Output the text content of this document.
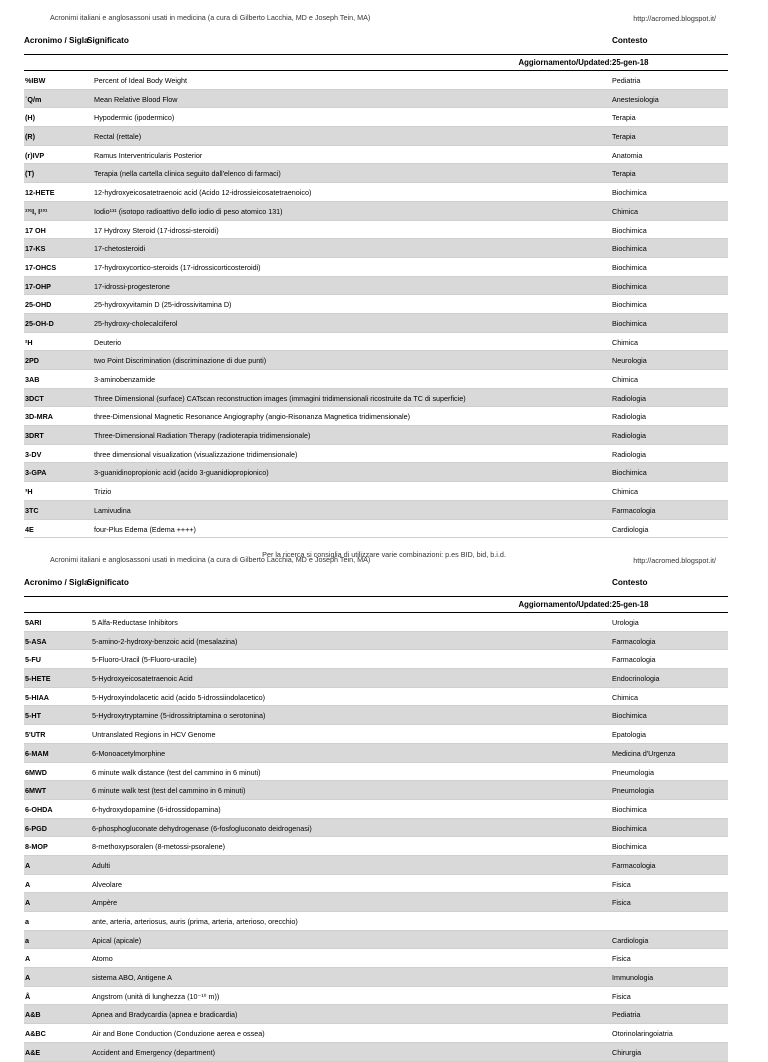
Acronimi italiani e anglosassoni usati in medicina (a cura di Gilberto Lacchia, MD e Joseph Tein, MA)	http://acromed.blogspot.it/
Acronimo / Sigla
Significato	Contesto
Aggiornamento/Updated: 25-gen-18
%IBW	Percent of Ideal Body Weight	Pediatria
˙Q/m	Mean Relative Blood Flow	Anestesiologia
(H)	Hypodermic (ipodermico)	Terapia
(R)	Rectal (rettale)	Terapia
(r)IVP	Ramus Interventricularis Posterior	Anatomia
(T)	Terapia (nella cartella clinica seguito dall'elenco di farmaci)	Terapia
12-HETE	12-hydroxyeicosatetraenoic acid (Acido 12-idrossieicosatetraenoico)	Biochimica
¹³¹I, I¹³¹	Iodio¹³¹ (isotopo radioattivo dello iodio di peso atomico 131)	Chimica
17 OH	17 Hydroxy Steroid (17-idrossi-steroidi)	Biochimica
17-KS	17-chetosteroidi	Biochimica
17-OHCS	17-hydroxycortico-steroids (17-idrossicorticosteroidi)	Biochimica
17-OHP	17-idrossi-progesterone	Biochimica
25-OHD	25-hydroxyvitamin D (25-idrossivitamina D)	Biochimica
25-OH-D	25-hydroxy-cholecalciferol	Biochimica
²H	Deuterio	Chimica
2PD	two Point Discrimination (discriminazione di due punti)	Neurologia
3AB	3-aminobenzamide	Chimica
3DCT	Three Dimensional (surface) CATscan reconstruction images (immagini tridimensionali ricostruite da TC di superficie)	Radiologia
3D-MRA	three-Dimensional Magnetic Resonance Angiography (angio-Risonanza Magnetica tridimensionale)	Radiologia
3DRT	Three-Dimensional Radiation Therapy (radioterapia tridimensionale)	Radiologia
3-DV	three dimensional visualization (visualizzazione tridimensionale)	Radiologia
3-GPA	3-guanidinopropionic acid (acido 3-guanidiopropionico)	Biochimica
³H	Trizio	Chimica
3TC	Lamivudina	Farmacologia
4E	four-Plus Edema (Edema ++++)	Cardiologia
Per la ricerca si consiglia di utilizzare varie combinazioni: p.es BID, bid, b.i.d.
Acronimi italiani e anglosassoni usati in medicina (a cura di Gilberto Lacchia, MD e Joseph Tein, MA)	http://acromed.blogspot.it/
Acronimo / Sigla
Significato	Contesto
Aggiornamento/Updated: 25-gen-18
5ARI	5 Alfa-Reductase Inhibitors	Urologia
5-ASA	5-amino-2-hydroxy-benzoic acid (mesalazina)	Farmacologia
5-FU	5-Fluoro-Uracil (5-Fluoro-uracile)	Farmacologia
5-HETE	5-Hydroxyeicosatetraenoic Acid	Endocrinologia
5-HIAA	5-Hydroxyindolacetic acid (acido 5-idrossiindolacetico)	Chimica
5-HT	5-Hydroxytryptamine (5-idrossitriptamina o serotonina)	Biochimica
5'UTR	Untranslated Regions in HCV Genome	Epatologia
6-MAM	6-Monoacetylmorphine	Medicina d'Urgenza
6MWD	6 minute walk distance (test del cammino in 6 minuti)	Pneumologia
6MWT	6 minute walk test (test del cammino in 6 minuti)	Pneumologia
6-OHDA	6-hydroxydopamine (6-idrossidopamina)	Biochimica
6-PGD	6-phosphogluconate dehydrogenase (6-fosfogluconato deidrogenasi)	Biochimica
8-MOP	8-methoxypsoralen (8-metossi-psoralene)	Biochimica
A	Adulti	Farmacologia
A	Alveolare	Fisica
A	Ampère	Fisica
a	ante, arteria, arteriosus, auris (prima, arteria, arterioso, orecchio)
a	Apical (apicale)	Cardiologia
A	Atomo	Fisica
A	sistema ABO, Antigene A	Immunologia
Å	Angstrom (unità di lunghezza (10⁻¹⁰ m))	Fisica
A&B	Apnea and Bradycardia (apnea e bradicardia)	Pediatria
A&BC	Air and Bone Conduction (Conduzione aerea e ossea)	Otorinolaringoiatria
A&E	Accident and Emergency (department)	Chirurgia
